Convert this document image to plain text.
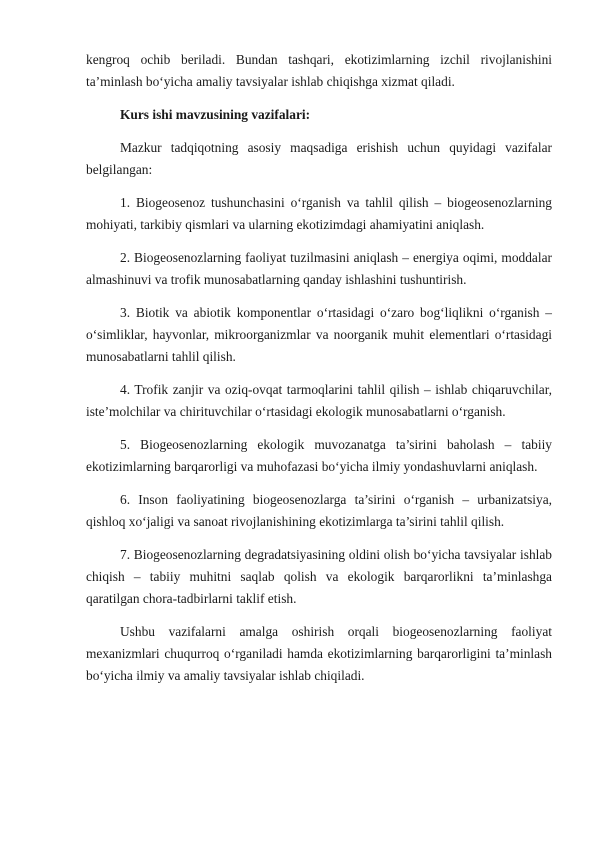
kengroq ochib beriladi. Bundan tashqari, ekotizimlarning izchil rivojlanishini ta’minlash bo‘yicha amaliy tavsiyalar ishlab chiqishga xizmat qiladi.

Kurs ishi mavzusining vazifalari:

Mazkur tadqiqotning asosiy maqsadiga erishish uchun quyidagi vazifalar belgilangan:

1. Biogeosenoz tushunchasini o‘rganish va tahlil qilish – biogeosenozlarning mohiyati, tarkibiy qismlari va ularning ekotizimdagi ahamiyatini aniqlash.

2. Biogeosenozlarning faoliyat tuzilmasini aniqlash – energiya oqimi, moddalar almashinuvi va trofik munosabatlarning qanday ishlashini tushuntirish.

3. Biotik va abiotik komponentlar o‘rtasidagi o‘zaro bog‘liqlikni o‘rganish – o‘simliklar, hayvonlar, mikroorganizmlar va noorganik muhit elementlari o‘rtasidagi munosabatlarni tahlil qilish.

4. Trofik zanjir va oziq-ovqat tarmoqlarini tahlil qilish – ishlab chiqaruvchilar, iste’molchilar va chirituvchilar o‘rtasidagi ekologik munosabatlarni o‘rganish.

5. Biogeosenozlarning ekologik muvozanatga ta’sirini baholash – tabiiy ekotizimlarning barqarorligi va muhofazasi bo‘yicha ilmiy yondashuvlarni aniqlash.

6. Inson faoliyatining biogeosenozlarga ta’sirini o‘rganish – urbanizatsiya, qishloq xo‘jaligi va sanoat rivojlanishining ekotizimlarga ta’sirini tahlil qilish.

7. Biogeosenozlarning degradatsiyasining oldini olish bo‘yicha tavsiyalar ishlab chiqish – tabiiy muhitni saqlab qolish va ekologik barqarorlikni ta’minlashga qaratilgan chora-tadbirlarni taklif etish.

Ushbu vazifalarni amalga oshirish orqali biogeosenozlarning faoliyat mexanizmlari chuqurroq o‘rganiladi hamda ekotizimlarning barqarorligini ta’minlash bo‘yicha ilmiy va amaliy tavsiyalar ishlab chiqiladi.
